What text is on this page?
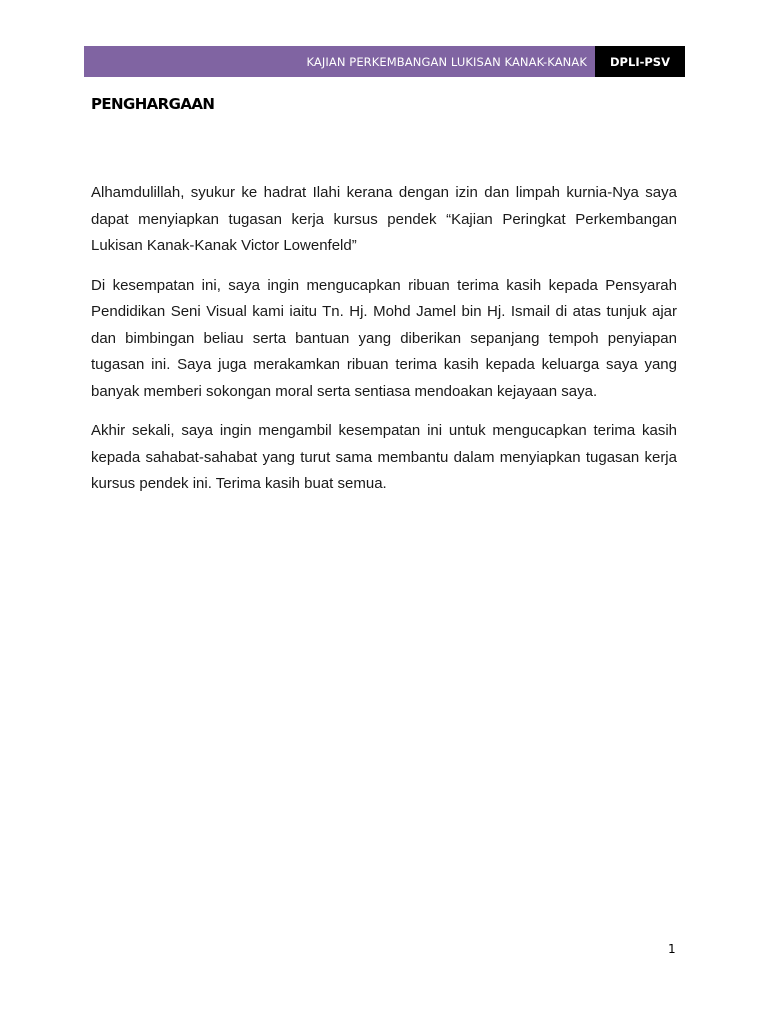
KAJIAN PERKEMBANGAN LUKISAN KANAK-KANAK	DPLI-PSV
PENGHARGAAN

Alhamdulillah, syukur ke hadrat Ilahi kerana dengan izin dan limpah kurnia-Nya saya dapat menyiapkan tugasan kerja kursus pendek “Kajian Peringkat Perkembangan Lukisan Kanak-Kanak Victor Lowenfeld”

Di kesempatan ini, saya ingin mengucapkan ribuan terima kasih kepada Pensyarah Pendidikan Seni Visual kami iaitu Tn. Hj. Mohd Jamel bin Hj. Ismail di atas tunjuk ajar dan bimbingan beliau serta bantuan yang diberikan sepanjang tempoh penyiapan tugasan ini. Saya juga merakamkan ribuan terima kasih kepada keluarga saya yang banyak memberi sokongan moral serta sentiasa mendoakan kejayaan saya.

Akhir sekali, saya ingin mengambil kesempatan ini untuk mengucapkan terima kasih kepada sahabat-sahabat yang turut sama membantu dalam menyiapkan tugasan kerja kursus pendek ini. Terima kasih buat semua.

1
